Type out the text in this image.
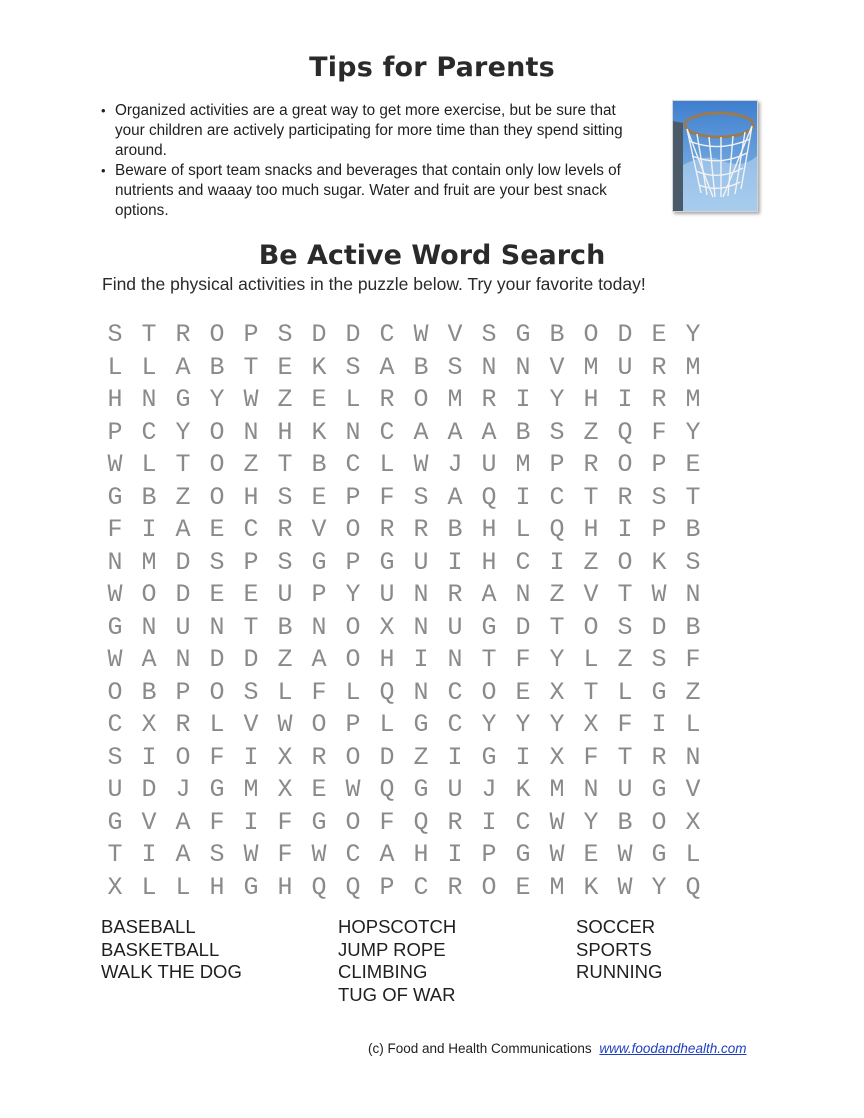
Tips for Parents
• Organized activities are a great way to get more exercise, but be sure that your children are actively participating for more time than they spend sitting around.
• Beware of sport team snacks and beverages that contain only low levels of nutrients and waaay too much sugar. Water and fruit are your best snack options.
Be Active Word Search

Find the physical activities in the puzzle below. Try your favorite today!

S T R O P S D D C W V S G B O D E Y
L L A B T E K S A B S N N V M U R M
H N G Y W Z E L R O M R I Y H I R M
P C Y O N H K N C A A A B S Z Q F Y
W L T O Z T B C L W J U M P R O P E
G B Z O H S E P F S A Q I C T R S T
F I A E C R V O R R B H L Q H I P B
N M D S P S G P G U I H C I Z O K S
W O D E E U P Y U N R A N Z V T W N
G N U N T B N O X N U G D T O S D B
W A N D D Z A O H I N T F Y L Z S F
O B P O S L F L Q N C O E X T L G Z
C X R L V W O P L G C Y Y Y X F I L
S I O F I X R O D Z I G I X F T R N
U D J G M X E W Q G U J K M N U G V
G V A F I F G O F Q R I C W Y B O X
T I A S W F W C A H I P G W E W G L
X L L H G H Q Q P C R O E M K W Y Q
BASEBALL
BASKETBALL
WALK THE DOG
HOPSCOTCH
JUMP ROPE
CLIMBING
TUG OF WAR
SOCCER
SPORTS
RUNNING
(c) Food and Health Communications www.foodandhealth.com
